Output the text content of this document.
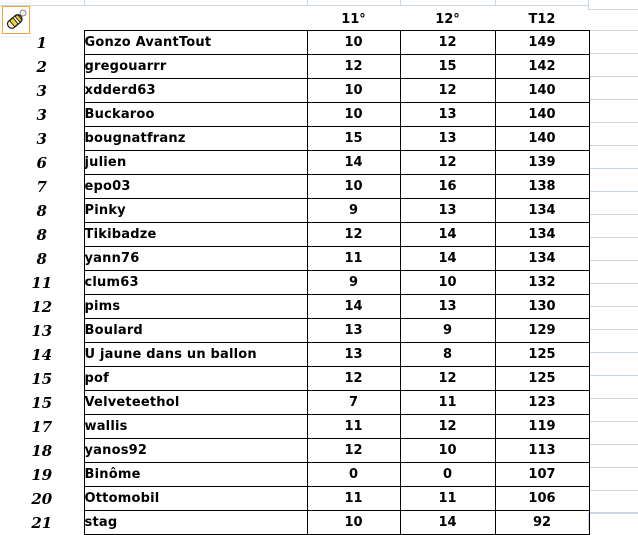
		11°	12°	T12
1	Gonzo AvantTout	10	12	149
2	gregouarrr	12	15	142
3	xdderd63	10	12	140
3	Buckaroo	10	13	140
3	bougnatfranz	15	13	140
6	julien	14	12	139
7	epo03	10	16	138
8	Pinky	9	13	134
8	Tikibadze	12	14	134
8	yann76	11	14	134
11	clum63	9	10	132
12	pims	14	13	130
13	Boulard	13	9	129
14	U jaune dans un ballon	13	8	125
15	pof	12	12	125
15	Velveteethol	7	11	123
17	wallis	11	12	119
18	yanos92	12	10	113
19	Binôme	0	0	107
20	Ottomobil	11	11	106
21	stag	10	14	92
